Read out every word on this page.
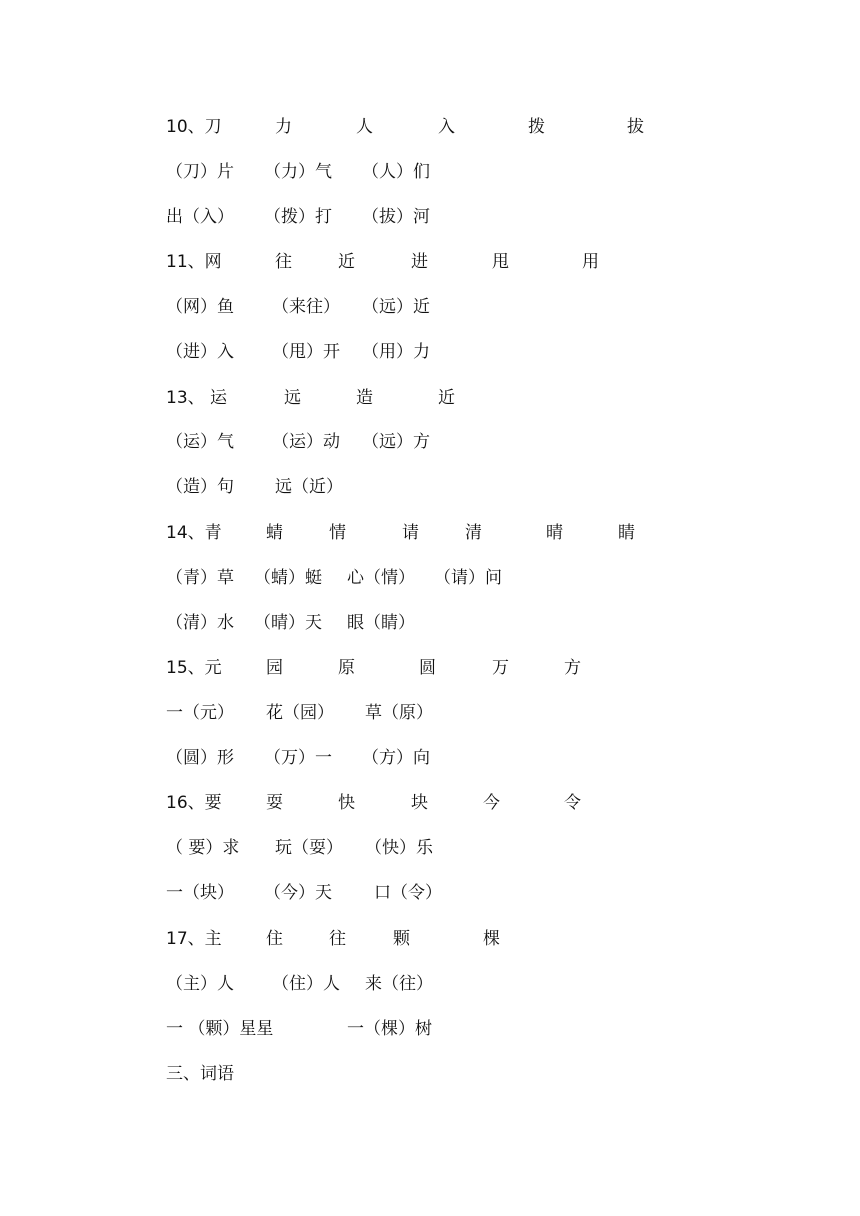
10、刀	力	人	入	拨	拔
（刀）片 （力）气 （人）们
出（入） （拨）打 （拔）河
11、网	往	近	进	甩	用
（网）鱼 （来往） （远）近
（进）入 （甩）开 （用）力
13、 运	远	造	近
（运）气 （运）动 （远）方
（造）句 远（近）
14、青	蜻	情	请	清	晴	睛
（青）草 （蜻）蜓 心（情） （请）问
（清）水 （晴）天 眼（睛）
15、元	园	原	圆	万	方
一（元） 花（园） 草（原）
（圆）形 （万）一 （方）向
16、要	耍	快	块	今	令
（ 要）求 玩（耍） （快）乐
一（块） （今）天 口（令）
17、主	住	往	颗	棵
（主）人 （住）人 来（往）
一 （颗）星星	一（棵）树
三、词语
